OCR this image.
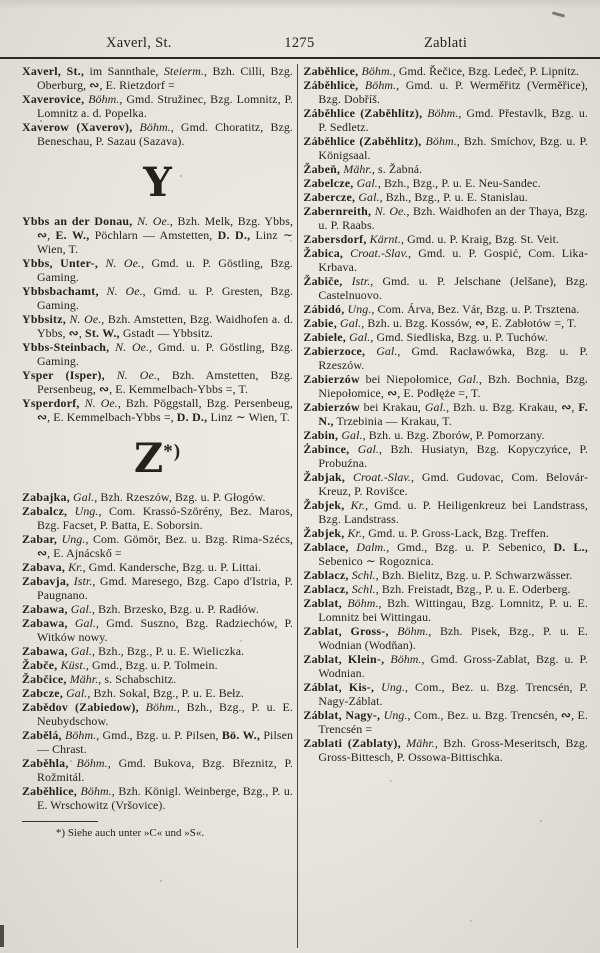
Xaverl, St.	1275	Zablati

Xaverl, St., im Sannthale, Steierm., Bzh. Cilli, Bzg. Oberburg, ∾, E. Rietzdorf =

Xaverovice, Böhm., Gmd. Stružinec, Bzg. Lomnitz, P. Lomnitz a. d. Popelka.

Xaverow (Xaverov), Böhm., Gmd. Choratitz, Bzg. Beneschau, P. Sazau (Sazava).

Y

Ybbs an der Donau, N. Oe., Bzh. Melk, Bzg. Ybbs, ∾, E. W., Pöchlarn — Amstetten, D. D., Linz ∼ Wien, T.

Ybbs, Unter-, N. Oe., Gmd. u. P. Göstling, Bzg. Gaming.

Ybbsbachamt, N. Oe., Gmd. u. P. Gresten, Bzg. Gaming.

Ybbsitz, N. Oe., Bzh. Amstetten, Bzg. Waidhofen a. d. Ybbs, ∾, St. W., Gstadt — Ybbsitz.

Ybbs-Steinbach, N. Oe., Gmd. u. P. Göstling, Bzg. Gaming.

Ysper (Isper), N. Oe., Bzh. Amstetten, Bzg. Persenbeug, ∾, E. Kemmelbach-Ybbs =, T.

Ysperdorf, N. Oe., Bzh. Pöggstall, Bzg. Persenbeug, ∾, E. Kemmelbach-Ybbs =, D. D., Linz ∼ Wien, T.

Z*)

Zabajka, Gal., Bzh. Rzeszów, Bzg. u. P. Głogów.

Zabalcz, Ung., Com. Krassó-Szörény, Bez. Maros, Bzg. Facset, P. Batta, E. Soborsin.

Zabar, Ung., Com. Gömör, Bez. u. Bzg. Rima-Szécs, ∾, E. Ajnácskő =

Zabava, Kr., Gmd. Kandersche, Bzg. u. P. Littai.

Zabavja, Istr., Gmd. Maresego, Bzg. Capo d'Istria, P. Paugnano.

Zabawa, Gal., Bzh. Brzesko, Bzg. u. P. Radłów.

Zabawa, Gal., Gmd. Suszno, Bzg. Radziechów, P. Witków nowy.

Zabawa, Gal., Bzh., Bzg., P. u. E. Wieliczka.

Žabče, Küst., Gmd., Bzg. u. P. Tolmein.

Žabčice, Mähr., s. Schabschitz.

Zabcze, Gal., Bzh. Sokal, Bzg., P. u. E. Bełz.

Zabědov (Zabiedow), Böhm., Bzh., Bzg., P. u. E. Neubydschow.

Zabělá, Böhm., Gmd., Bzg. u. P. Pilsen, Bö. W., Pilsen — Chrast.

Zaběhla, Böhm., Gmd. Bukova, Bzg. Březnitz, P. Rožmitál.

Zaběhlice, Böhm., Bzh. Königl. Weinberge, Bzg., P. u. E. Wrschowitz (Vršovice).

*) Siehe auch unter »C« und »S«.

Zaběhlice, Böhm., Gmd. Řečice, Bzg. Ledeč, P. Lipnitz.

Záběhlice, Böhm., Gmd. u. P. Werměřitz (Verměřice), Bzg. Dobříš.

Záběhlice (Zaběhlitz), Böhm., Gmd. Přestavlk, Bzg. u. P. Sedletz.

Záběhlice (Zaběhlitz), Böhm., Bzh. Smíchov, Bzg. u. P. Königsaal.

Žabeň, Mähr., s. Žabná.

Zabelcze, Gal., Bzh., Bzg., P. u. E. Neu-Sandec.

Zabercze, Gal., Bzh., Bzg., P. u. E. Stanislau.

Zabernreith, N. Oe., Bzh. Waidhofen an der Thaya, Bzg. u. P. Raabs.

Zabersdorf, Kärnt., Gmd. u. P. Kraig, Bzg. St. Veit.

Žabica, Croat.-Slav., Gmd. u. P. Gospić, Com. Lika-Krbava.

Žabiče, Istr., Gmd. u. P. Jelschane (Jelšane), Bzg. Castelnuovo.

Zábidó, Ung., Com. Árva, Bez. Vár, Bzg. u. P. Trsztena.

Zabie, Gal., Bzh. u. Bzg. Kossów, ∾, E. Zabłotów =, T.

Zabiele, Gal., Gmd. Siedliska, Bzg. u. P. Tuchów.

Zabierzoce, Gal., Gmd. Racławówka, Bzg. u. P. Rzeszów.

Zabierzów bei Niepołomice, Gal., Bzh. Bochnia, Bzg. Niepołomice, ∾, E. Podłęże =, T.

Zabierzów bei Krakau, Gal., Bzh. u. Bzg. Krakau, ∾, F. N., Trzebinia — Krakau, T.

Zabin, Gal., Bzh. u. Bzg. Zborów, P. Pomorzany.

Żabince, Gal., Bzh. Husiatyn, Bzg. Kopyczyńce, P. Probuźna.

Žabjak, Croat.-Slav., Gmd. Gudovac, Com. Belovár-Kreuz, P. Rovišce.

Žabjek, Kr., Gmd. u. P. Heiligenkreuz bei Landstrass, Bzg. Landstrass.

Žabjek, Kr., Gmd. u. P. Gross-Lack, Bzg. Treffen.

Zablace, Dalm., Gmd., Bzg. u. P. Sebenico, D. L., Sebenico ∼ Rogoznica.

Zablacz, Schl., Bzh. Bielitz, Bzg. u. P. Schwarzwässer.

Zablacz, Schl., Bzh. Freistadt, Bzg., P. u. E. Oderberg.

Zablat, Böhm., Bzh. Wittingau, Bzg. Lomnitz, P. u. E. Lomnitz bei Wittingau.

Zablat, Gross-, Böhm., Bzh. Pisek, Bzg., P. u. E. Wodnian (Wodňan).

Zablat, Klein-, Böhm., Gmd. Gross-Zablat, Bzg. u. P. Wodnian.

Záblat, Kis-, Ung., Com., Bez. u. Bzg. Trencsén, P. Nagy-Záblat.

Záblat, Nagy-, Ung., Com., Bez. u. Bzg. Trencsén, ∾, E. Trencsén =

Zablati (Zablaty), Mähr., Bzh. Gross-Meseritsch, Bzg. Gross-Bittesch, P. Ossowa-Bittischka.
